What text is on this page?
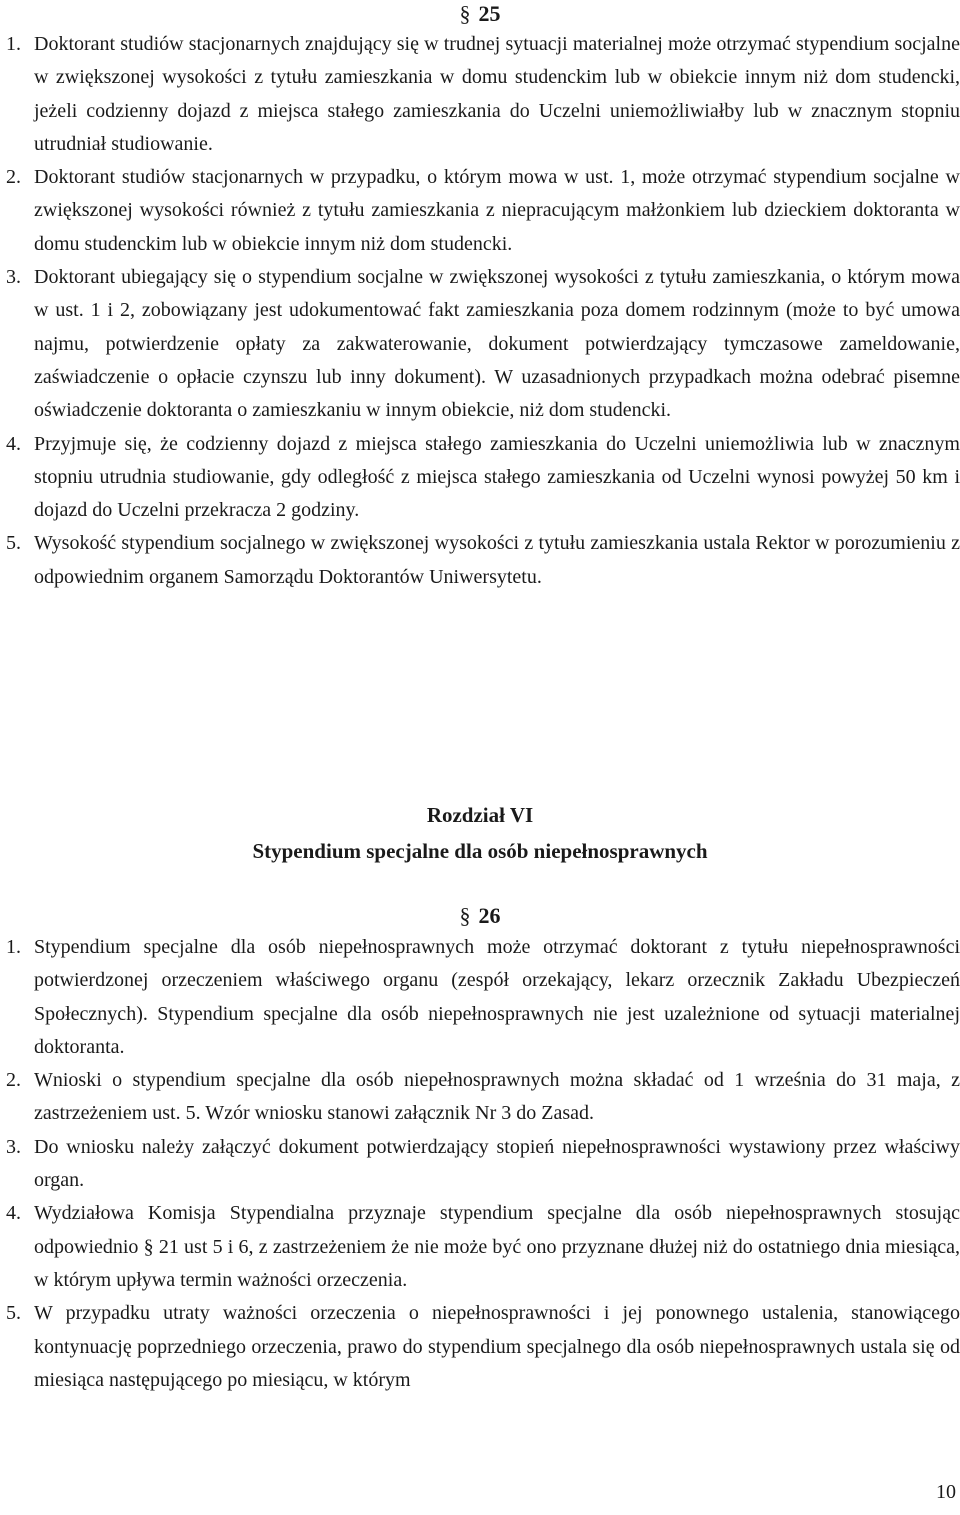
§ 25

1. Doktorant studiów stacjonarnych znajdujący się w trudnej sytuacji materialnej może otrzymać stypendium socjalne w zwiększonej wysokości z tytułu zamieszkania w domu studenckim lub w obiekcie innym niż dom studencki, jeżeli codzienny dojazd z miejsca stałego zamieszkania do Uczelni uniemożliwiałby lub w znacznym stopniu utrudniał studiowanie.
2. Doktorant studiów stacjonarnych w przypadku, o którym mowa w ust. 1, może otrzymać stypendium socjalne w zwiększonej wysokości również z tytułu zamieszkania z niepracującym małżonkiem lub dzieckiem doktoranta w domu studenckim lub w obiekcie innym niż dom studencki.
3. Doktorant ubiegający się o stypendium socjalne w zwiększonej wysokości z tytułu zamieszkania, o którym mowa w ust. 1 i 2, zobowiązany jest udokumentować fakt zamieszkania poza domem rodzinnym (może to być umowa najmu, potwierdzenie opłaty za zakwaterowanie, dokument potwierdzający tymczasowe zameldowanie, zaświadczenie o opłacie czynszu lub inny dokument). W uzasadnionych przypadkach można odebrać pisemne oświadczenie doktoranta o zamieszkaniu w innym obiekcie, niż dom studencki.
4. Przyjmuje się, że codzienny dojazd z miejsca stałego zamieszkania do Uczelni uniemożliwia lub w znacznym stopniu utrudnia studiowanie, gdy odległość z miejsca stałego zamieszkania od Uczelni wynosi powyżej 50 km i dojazd do Uczelni przekracza 2 godziny.
5. Wysokość stypendium socjalnego w zwiększonej wysokości z tytułu zamieszkania ustala Rektor w porozumieniu z odpowiednim organem Samorządu Doktorantów Uniwersytetu.
Rozdział VI
Stypendium specjalne dla osób niepełnosprawnych

§ 26

1. Stypendium specjalne dla osób niepełnosprawnych może otrzymać doktorant z tytułu niepełnosprawności potwierdzonej orzeczeniem właściwego organu (zespół orzekający, lekarz orzecznik Zakładu Ubezpieczeń Społecznych). Stypendium specjalne dla osób niepełnosprawnych nie jest uzależnione od sytuacji materialnej doktoranta.
2. Wnioski o stypendium specjalne dla osób niepełnosprawnych można składać od 1 września do 31 maja, z zastrzeżeniem ust. 5. Wzór wniosku stanowi załącznik Nr 3 do Zasad.
3. Do wniosku należy załączyć dokument potwierdzający stopień niepełnosprawności wystawiony przez właściwy organ.
4. Wydziałowa Komisja Stypendialna przyznaje stypendium specjalne dla osób niepełnosprawnych stosując odpowiednio § 21 ust 5 i 6, z zastrzeżeniem że nie może być ono przyznane dłużej niż do ostatniego dnia miesiąca, w którym upływa termin ważności orzeczenia.
5. W przypadku utraty ważności orzeczenia o niepełnosprawności i jej ponownego ustalenia, stanowiącego kontynuację poprzedniego orzeczenia, prawo do stypendium specjalnego dla osób niepełnosprawnych ustala się od miesiąca następującego po miesiącu, w którym
10
